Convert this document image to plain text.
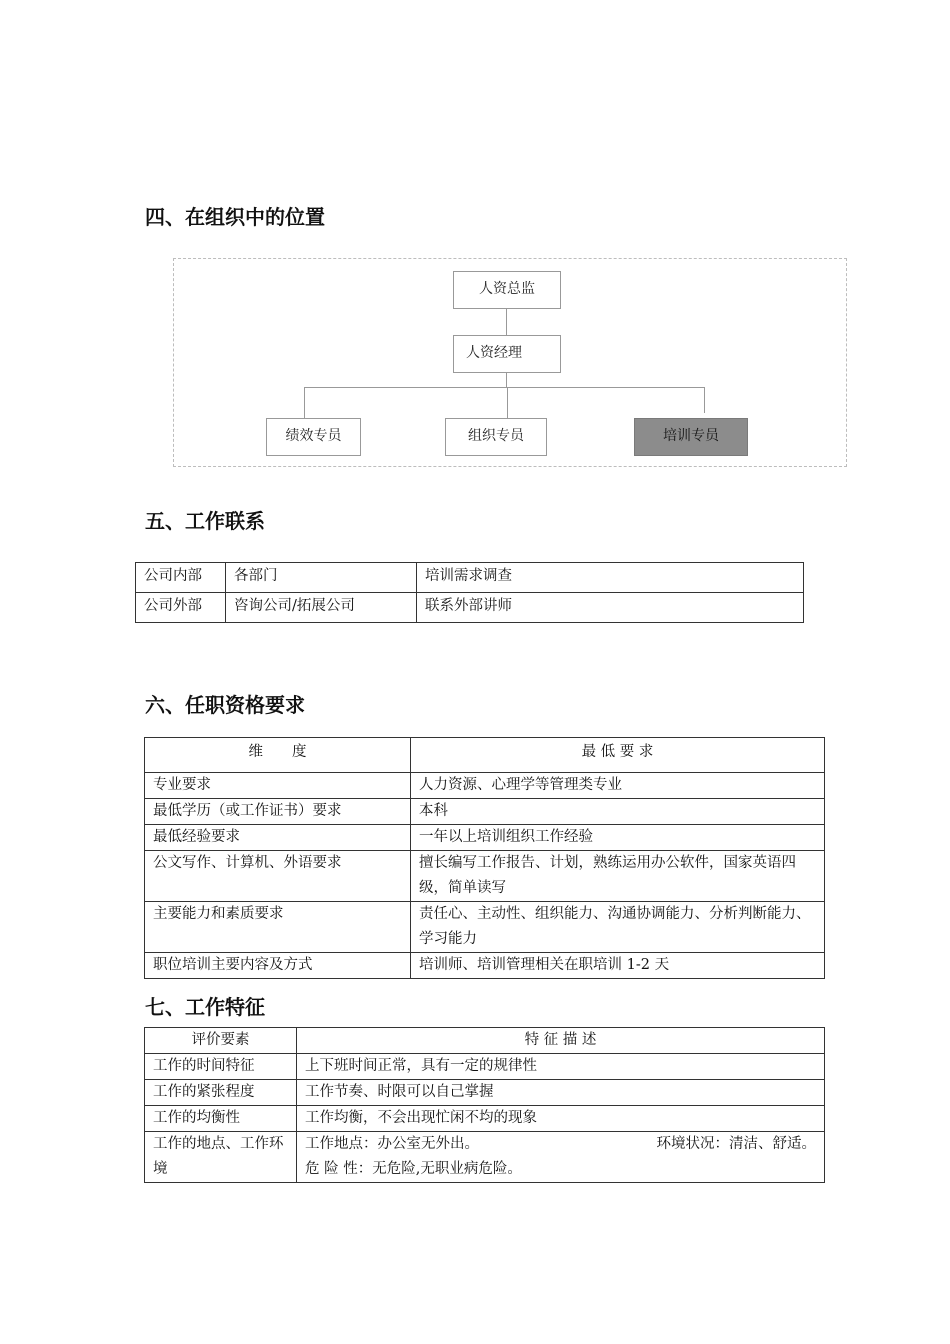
四、在组织中的位置
人资总监
人资经理
绩效专员	组织专员	培训专员
五、工作联系
公司内部	各部门	培训需求调查
公司外部	咨询公司/拓展公司	联系外部讲师
六、任职资格要求
维　　度	最 低 要 求
专业要求	人力资源、心理学等管理类专业
最低学历（或工作证书）要求	本科
最低经验要求	一年以上培训组织工作经验
公文写作、计算机、外语要求	擅长编写工作报告、计划，熟练运用办公软件，国家英语四级，简单读写
主要能力和素质要求	责任心、主动性、组织能力、沟通协调能力、分析判断能力、学习能力
职位培训主要内容及方式	培训师、培训管理相关在职培训 1-2 天
七、工作特征
评价要素	特 征 描 述
工作的时间特征	上下班时间正常，具有一定的规律性
工作的紧张程度	工作节奏、时限可以自己掌握
工作的均衡性	工作均衡，不会出现忙闲不均的现象
工作的地点、工作环境	工作地点：办公室无外出。 环境状况：清洁、舒适。
危 险 性：无危险,无职业病危险。
